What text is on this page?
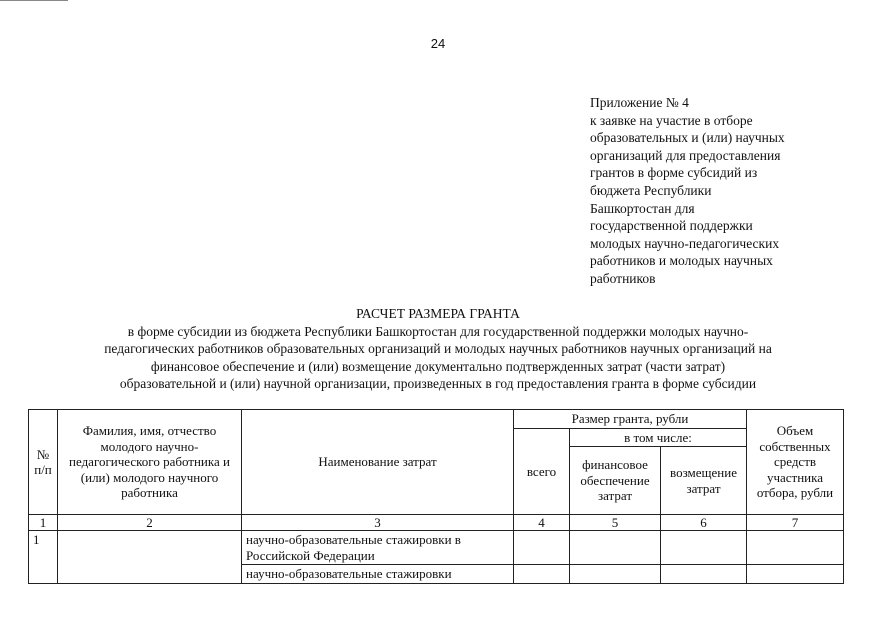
24
Приложение № 4
к заявке на участие в отборе
образовательных и (или) научных
организаций для предоставления
грантов в форме субсидий из
бюджета Республики
Башкортостан для
государственной поддержки
молодых научно-педагогических
работников и молодых научных
работников
РАСЧЕТ РАЗМЕРА ГРАНТА
в форме субсидии из бюджета Республики Башкортостан для государственной поддержки молодых научно-
педагогических работников образовательных организаций и молодых научных работников научных организаций на
финансовое обеспечение и (или) возмещение документально подтвержденных затрат (части затрат)
образовательной и (или) научной организации, произведенных в год предоставления гранта в форме субсидии
№ п/п	Фамилия, имя, отчество молодого научно-педагогического работника и (или) молодого научного работника	Наименование затрат	Размер гранта, рубли			Объем собственных средств участника отбора, рубли
			всего	в том числе:		
				финансовое обеспечение затрат	возмещение затрат	
1	2	3	4	5	6	7
1		научно-образовательные стажировки в Российской Федерации				
		научно-образовательные стажировки				
